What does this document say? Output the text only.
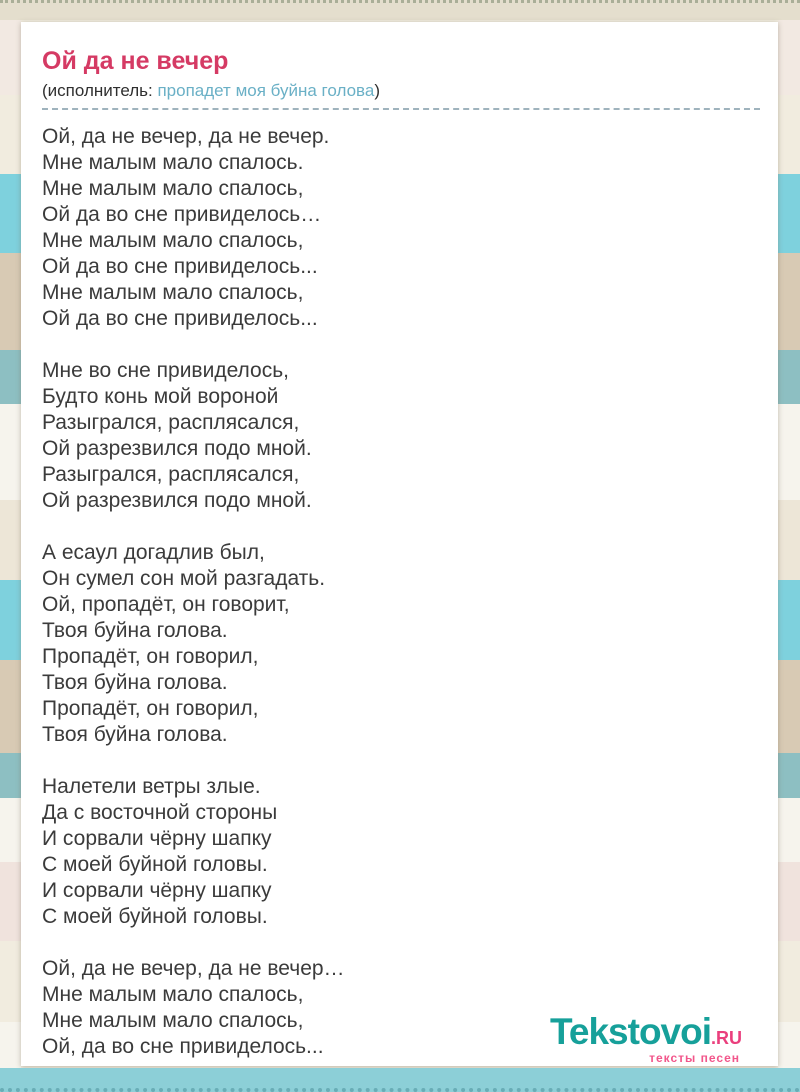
Ой да не вечер
(исполнитель: пропадет моя буйна голова)

Ой, да не вечер, да не вечер.
Мне малым мало спалось.
Мне малым мало спалось,
Ой да во сне привиделось…
Мне малым мало спалось,
Ой да во сне привиделось...
Мне малым мало спалось,
Ой да во сне привиделось...

Мне во сне привиделось,
Будто конь мой вороной
Разыгрался, расплясался,
Ой разрезвился подо мной.
Разыгрался, расплясался,
Ой разрезвился подо мной.

А есаул догадлив был,
Он сумел сон мой разгадать.
Ой, пропадёт, он говорит,
Твоя буйна голова.
Пропадёт, он говорил,
Твоя буйна голова.
Пропадёт, он говорил,
Твоя буйна голова.

Налетели ветры злые.
Да с восточной стороны
И сорвали чёрну шапку
С моей буйной головы.
И сорвали чёрну шапку
С моей буйной головы.

Ой, да не вечер, да не вечер…
Мне малым мало спалось,
Мне малым мало спалось,
Ой, да во сне привиделось...	Tekstovoi.RU
тексты песен
